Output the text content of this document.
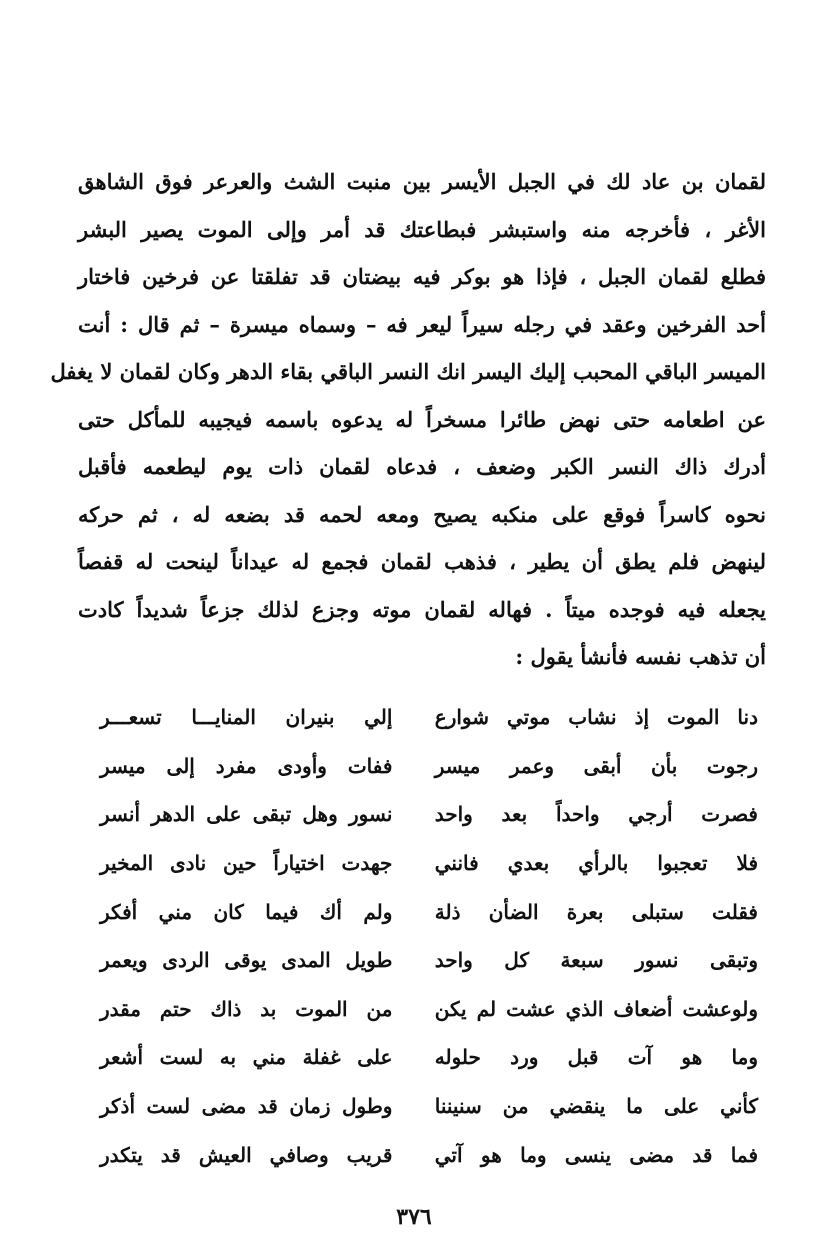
لقمان بن عاد لك في الجبل الأيسر بين منبت الشث والعرعر فوق الشاهق
الأغر ، فأخرجه منه واستبشر فبطاعتك قد أمر وإلى الموت يصير البشر
فطلع لقمان الجبل ، فإذا هو بوكر فيه بيضتان قد تفلقتا عن فرخين فاختار
أحد الفرخين وعقد في رجله سيراً ليعر فه – وسماه ميسرة – ثم قال : أنت
الميسر الباقي المحبب إليك اليسر انك النسر الباقي بقاء الدهر وكان لقمان لا يغفل
عن اطعامه حتى نهض طائرا مسخراً له يدعوه باسمه فيجيبه للمأكل حتى
أدرك ذاك النسر الكبر وضعف ، فدعاه لقمان ذات يوم ليطعمه فأقبل
نحوه كاسراً فوقع على منكبه يصيح ومعه لحمه قد بضعه له ، ثم حركه
لينهض فلم يطق أن يطير ، فذهب لقمان فجمع له عيداناً لينحت له قفصاً
يجعله فيه فوجده ميتاً . فهاله لقمان موته وجزع لذلك جزعاً شديداً كادت
أن تذهب نفسه فأنشأ يقول :
دنا الموت إذ نشاب موتي شوارع
إلي بنيران المنايـــا تسعـــر
رجوت بأن أبقى وعمر ميسر
ففات وأودى مفرد إلى ميسر
فصرت أرجي واحداً بعد واحد
نسور وهل تبقى على الدهر أنسر
فلا تعجبوا بالرأي بعدي فانني
جهدت اختياراً حين نادى المخير
فقلت ستبلى بعرة الضأن ذلة
ولم أك فيما كان مني أفكر
وتبقى نسور سبعة كل واحد
طويل المدى يوقى الردى ويعمر
ولوعشت أضعاف الذي عشت لم يكن
من الموت بد ذاك حتم مقدر
وما هو آت قبل ورد حلوله
على غفلة مني به لست أشعر
كأني على ما ينقضي من سنيننا
وطول زمان قد مضى لست أذكر
فما قد مضى ينسى وما هو آتي
قريب وصافي العيش قد يتكدر
٣٧٦
